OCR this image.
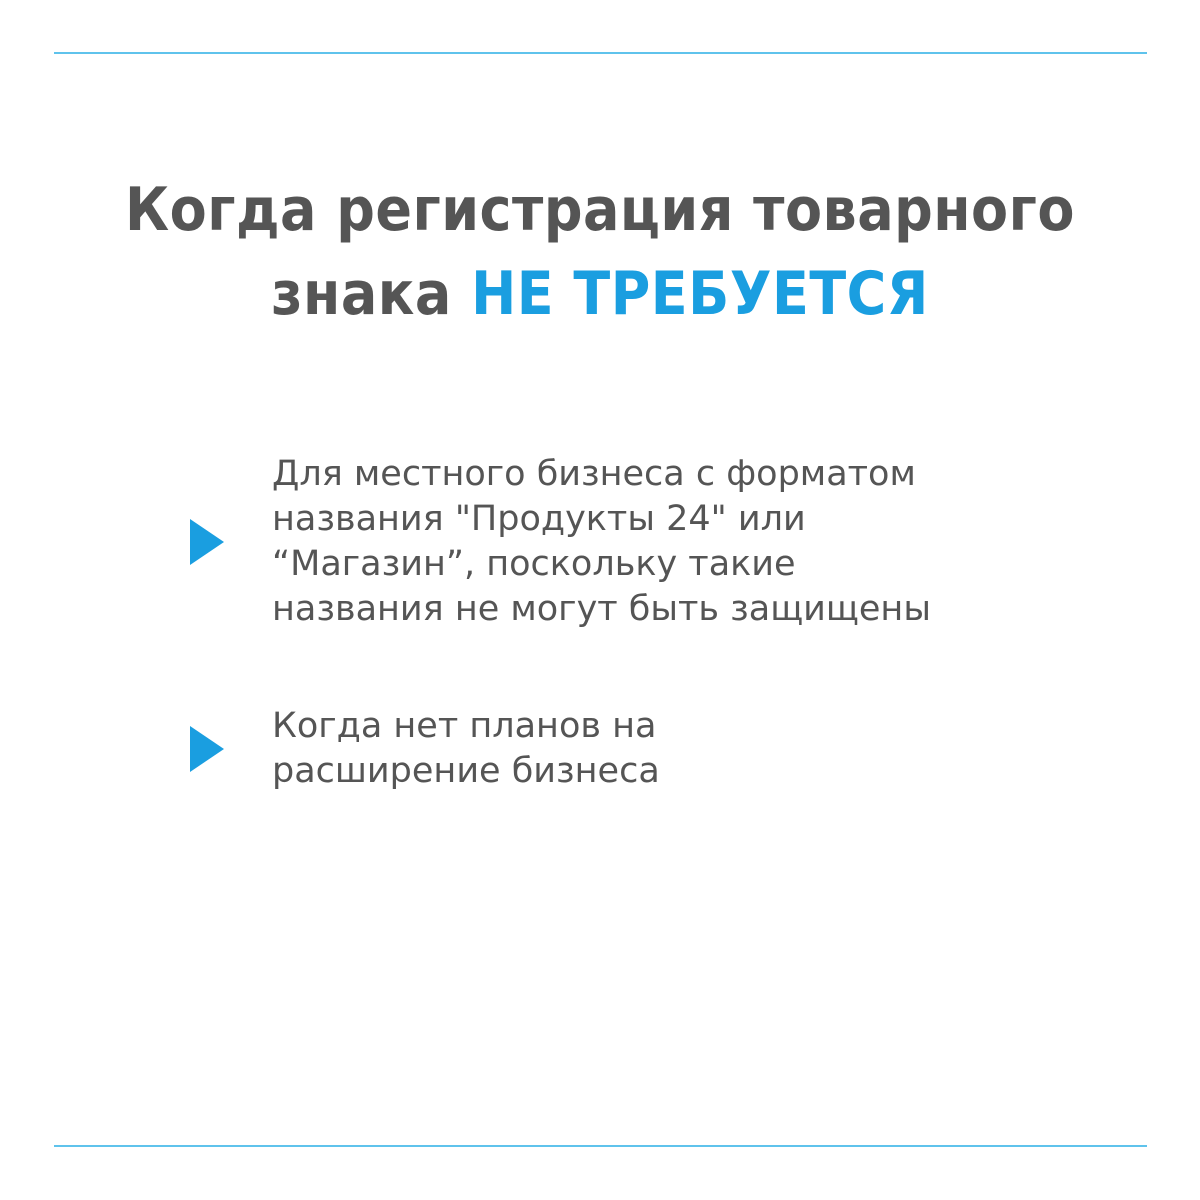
Когда регистрация товарного
знака НЕ ТРЕБУЕТСЯ
Для местного бизнеса с форматом
названия "Продукты 24" или
“Магазин”, поскольку такие
названия не могут быть защищены
Когда нет планов на
расширение бизнеса
